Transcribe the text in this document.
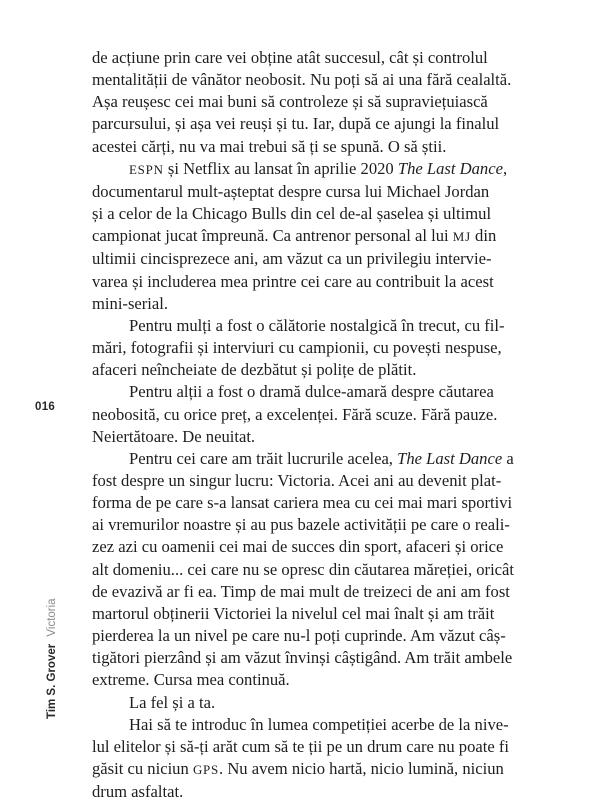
de acțiune prin care vei obține atât succesul, cât și controlul
mentalității de vânător neobosit. Nu poți să ai una fără cealaltă.
Așa reușesc cei mai buni să controleze și să supraviețuiască
parcursului, și așa vei reuși și tu. Iar, după ce ajungi la finalul
acestei cărți, nu va mai trebui să ți se spună. O să știi.
ESPN și Netflix au lansat în aprilie 2020 The Last Dance,
documentarul mult-așteptat despre cursa lui Michael Jordan
și a celor de la Chicago Bulls din cel de-al șaselea și ultimul
campionat jucat împreună. Ca antrenor personal al lui MJ din
ultimii cincisprezece ani, am văzut ca un privilegiu intervie-
varea și includerea mea printre cei care au contribuit la acest
mini-serial.
Pentru mulți a fost o călătorie nostalgică în trecut, cu fil-
mări, fotografii și interviuri cu campionii, cu povești nespuse,
afaceri neîncheiate de dezbătut și polițe de plătit.
Pentru alții a fost o dramă dulce-amară despre căutarea
neobosită, cu orice preț, a excelenței. Fără scuze. Fără pauze.
Neiertătoare. De neuitat.
Pentru cei care am trăit lucrurile acelea, The Last Dance a
fost despre un singur lucru: Victoria. Acei ani au devenit plat-
forma de pe care s-a lansat cariera mea cu cei mai mari sportivi
ai vremurilor noastre și au pus bazele activității pe care o reali-
zez azi cu oamenii cei mai de succes din sport, afaceri și orice
alt domeniu... cei care nu se opresc din căutarea măreției, oricât
de evazivă ar fi ea. Timp de mai mult de treizeci de ani am fost
martorul obținerii Victoriei la nivelul cel mai înalt și am trăit
pierderea la un nivel pe care nu-l poți cuprinde. Am văzut câș-
tigători pierzând și am văzut învinși câștigând. Am trăit ambele
extreme. Cursa mea continuă.
La fel și a ta.
Hai să te introduc în lumea competiției acerbe de la nive-
lul elitelor și să-ți arăt cum să te ții pe un drum care nu poate fi
găsit cu niciun GPS. Nu avem nicio hartă, nicio lumină, niciun
drum asfaltat.
016
Tim S. Grover Victoria
